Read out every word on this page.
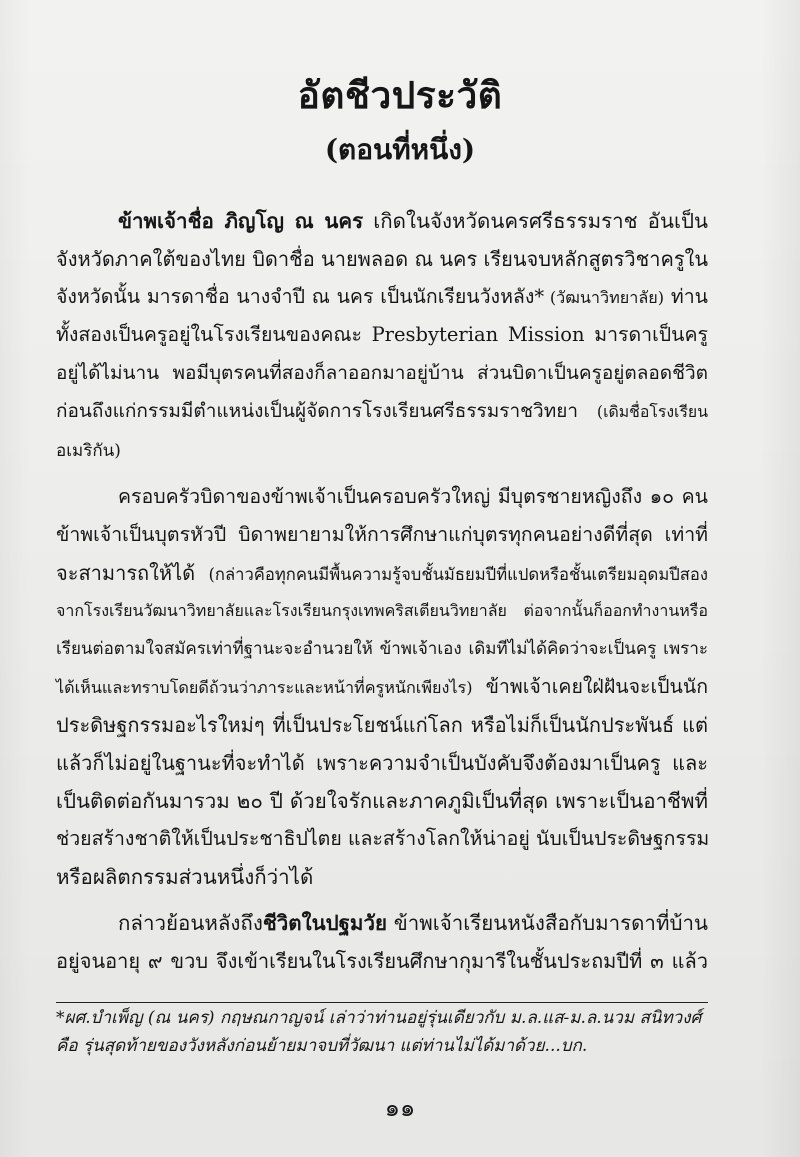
อัตชีวประวัติ
(ตอนที่หนึ่ง)
ข้าพเจ้าชื่อ ภิญโญ ณ นคร เกิดในจังหวัดนครศรีธรรมราช อันเป็น
จังหวัดภาคใต้ของไทย บิดาชื่อ นายพลอด ณ นคร เรียนจบหลักสูตรวิชาครูใน
จังหวัดนั้น มารดาชื่อ นางจำปี ณ นคร เป็นนักเรียนวังหลัง* (วัฒนาวิทยาลัย) ท่าน
ทั้งสองเป็นครูอยู่ในโรงเรียนของคณะ Presbyterian Mission มารดาเป็นครู
อยู่ได้ไม่นาน พอมีบุตรคนที่สองก็ลาออกมาอยู่บ้าน ส่วนบิดาเป็นครูอยู่ตลอดชีวิต
ก่อนถึงแก่กรรมมีตำแหน่งเป็นผู้จัดการโรงเรียนศรีธรรมราชวิทยา (เดิมชื่อโรงเรียน
อเมริกัน)
ครอบครัวบิดาของข้าพเจ้าเป็นครอบครัวใหญ่ มีบุตรชายหญิงถึง ๑๐ คน
ข้าพเจ้าเป็นบุตรหัวปี บิดาพยายามให้การศึกษาแก่บุตรทุกคนอย่างดีที่สุด เท่าที่
จะสามารถให้ได้ (กล่าวคือทุกคนมีพื้นความรู้จบชั้นมัธยมปีที่แปดหรือชั้นเตรียมอุดมปีสอง
จากโรงเรียนวัฒนาวิทยาลัยและโรงเรียนกรุงเทพคริสเตียนวิทยาลัย ต่อจากนั้นก็ออกทำงานหรือ
เรียนต่อตามใจสมัครเท่าที่ฐานะจะอำนวยให้ ข้าพเจ้าเอง เดิมทีไม่ได้คิดว่าจะเป็นครู เพราะ
ได้เห็นและทราบโดยดีถ้วนว่าภาระและหน้าที่ครูหนักเพียงไร) ข้าพเจ้าเคยใฝ่ฝันจะเป็นนัก
ประดิษฐกรรมอะไรใหม่ๆ ที่เป็นประโยชน์แก่โลก หรือไม่ก็เป็นนักประพันธ์ แต่
แล้วก็ไม่อยู่ในฐานะที่จะทำได้ เพราะความจำเป็นบังคับจึงต้องมาเป็นครู และ
เป็นติดต่อกันมารวม ๒๐ ปี ด้วยใจรักและภาคภูมิเป็นที่สุด เพราะเป็นอาชีพที่
ช่วยสร้างชาติให้เป็นประชาธิปไตย และสร้างโลกให้น่าอยู่ นับเป็นประดิษฐกรรม
หรือผลิตกรรมส่วนหนึ่งก็ว่าได้
กล่าวย้อนหลังถึงชีวิตในปฐมวัย ข้าพเจ้าเรียนหนังสือกับมารดาที่บ้าน
อยู่จนอายุ ๙ ขวบ จึงเข้าเรียนในโรงเรียนศึกษากุมารีในชั้นประถมปีที่ ๓ แล้ว
*ผศ.บำเพ็ญ (ณ นคร) กฤษณกาญจน์ เล่าว่าท่านอยู่รุ่นเดียวกับ ม.ล.แส-ม.ล.นวม สนิทวงศ์
คือ รุ่นสุดท้ายของวังหลังก่อนย้ายมาจบที่วัฒนา แต่ท่านไม่ได้มาด้วย...บก.
๑๑
